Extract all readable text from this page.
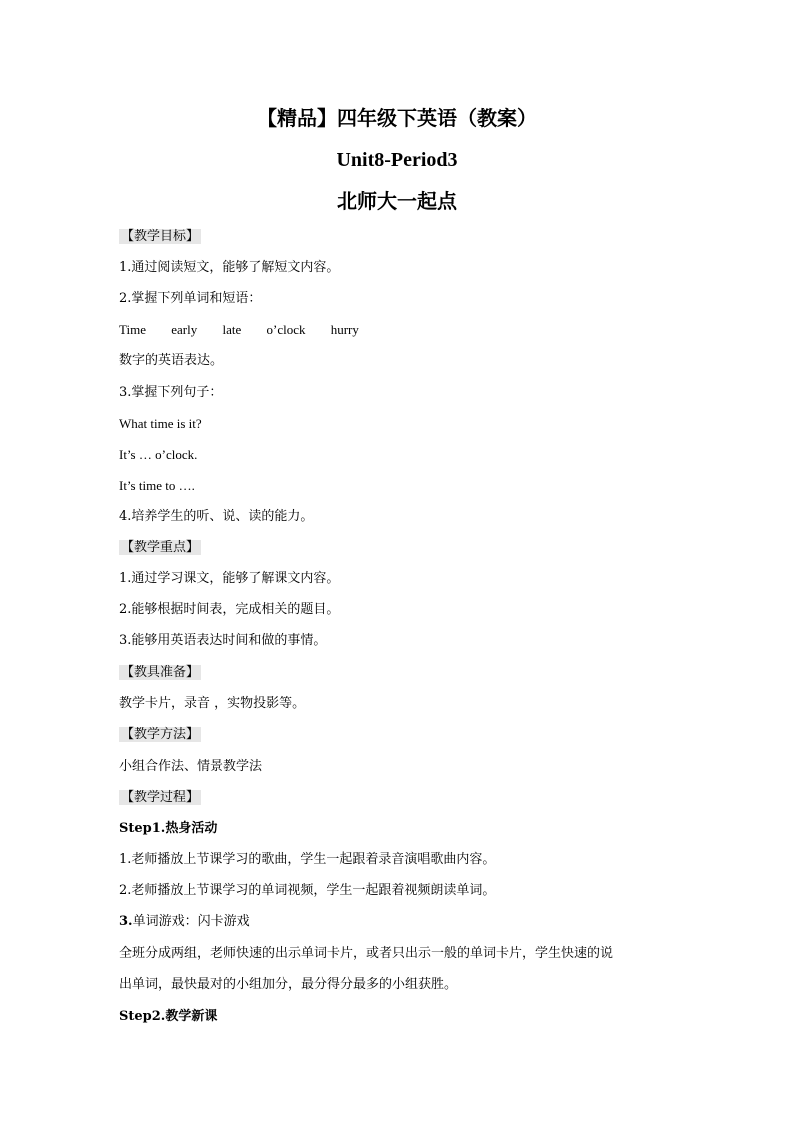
【精品】四年级下英语（教案）
Unit8-Period3
北师大一起点
【教学目标】
1.通过阅读短文，能够了解短文内容。
2.掌握下列单词和短语：
Time early late o’clock hurry
数字的英语表达。
3.掌握下列句子：
What time is it?
It’s … o’clock.
It’s time to ….
4.培养学生的听、说、读的能力。
【教学重点】
1.通过学习课文，能够了解课文内容。
2.能够根据时间表，完成相关的题目。
3.能够用英语表达时间和做的事情。
【教具准备】
教学卡片，录音 ，实物投影等。
【教学方法】
小组合作法、情景教学法
【教学过程】
Step1.热身活动
1.老师播放上节课学习的歌曲，学生一起跟着录音演唱歌曲内容。
2.老师播放上节课学习的单词视频，学生一起跟着视频朗读单词。
3.单词游戏：闪卡游戏
全班分成两组，老师快速的出示单词卡片，或者只出示一般的单词卡片，学生快速的说
出单词，最快最对的小组加分，最分得分最多的小组获胜。
Step2.教学新课
